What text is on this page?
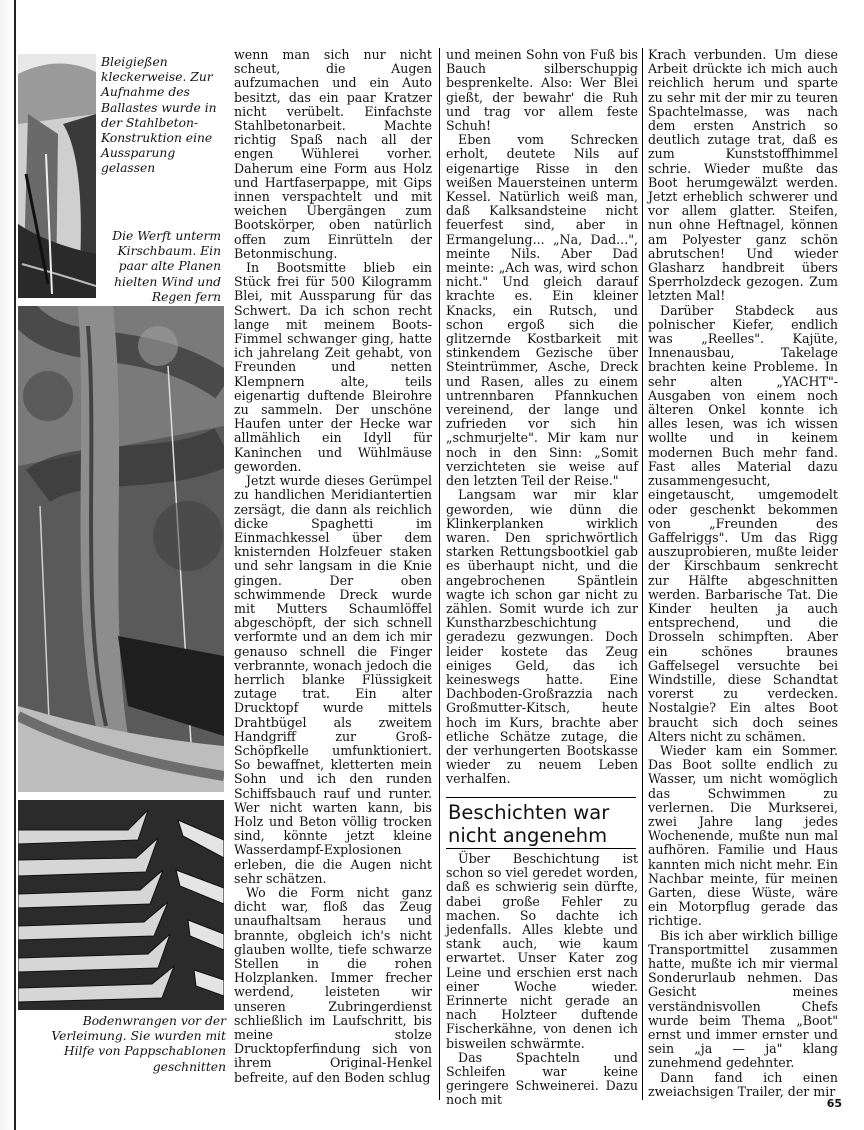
Bleigießen kleckerweise. Zur Aufnahme des Ballastes wurde in der Stahlbeton-Konstruktion eine Aussparung gelassen
Die Werft unterm Kirschbaum. Ein paar alte Planen hielten Wind und Regen fern
Bodenwrangen vor der Verleimung. Sie wurden mit Hilfe von Pappschablonen geschnitten

wenn man sich nur nicht scheut, die Augen aufzumachen und ein Auto besitzt, das ein paar Kratzer nicht verübelt. Einfachste Stahlbetonarbeit. Machte richtig Spaß nach all der engen Wühlerei vorher. Daherum eine Form aus Holz und Hartfaserpappe, mit Gips innen verspachtelt und mit weichen Übergängen zum Bootskörper, oben natürlich offen zum Einrütteln der Betonmischung.

In Bootsmitte blieb ein Stück frei für 500 Kilogramm Blei, mit Aussparung für das Schwert. Da ich schon recht lange mit meinem Boots-Fimmel schwanger ging, hatte ich jahrelang Zeit gehabt, von Freunden und netten Klempnern alte, teils eigenartig duftende Bleirohre zu sammeln. Der unschöne Haufen unter der Hecke war allmählich ein Idyll für Kaninchen und Wühlmäuse geworden.

Jetzt wurde dieses Gerümpel zu handlichen Meridiantertien zersägt, die dann als reichlich dicke Spaghetti im Einmachkessel über dem knisternden Holzfeuer staken und sehr langsam in die Knie gingen. Der oben schwimmende Dreck wurde mit Mutters Schaumlöffel abgeschöpft, der sich schnell verformte und an dem ich mir genauso schnell die Finger verbrannte, wonach jedoch die herrlich blanke Flüssigkeit zutage trat. Ein alter Drucktopf wurde mittels Drahtbügel als zweitem Handgriff zur Groß-Schöpfkelle umfunktioniert. So bewaffnet, kletterten mein Sohn und ich den runden Schiffsbauch rauf und runter. Wer nicht warten kann, bis Holz und Beton völlig trocken sind, könnte jetzt kleine Wasserdampf-Explosionen erleben, die die Augen nicht sehr schätzen.

Wo die Form nicht ganz dicht war, floß das Zeug unaufhaltsam heraus und brannte, obgleich ich's nicht glauben wollte, tiefe schwarze Stellen in die rohen Holzplanken. Immer frecher werdend, leisteten wir unseren Zubringerdienst schließlich im Laufschritt, bis meine stolze Drucktopferfindung sich von ihrem Original-Henkel befreite, auf den Boden schlug

und meinen Sohn von Fuß bis Bauch silberschuppig besprenkelte. Also: Wer Blei gießt, der bewahr' die Ruh und trag vor allem feste Schuh!

Eben vom Schrecken erholt, deutete Nils auf eigenartige Risse in den weißen Mauersteinen unterm Kessel. Natürlich weiß man, daß Kalksandsteine nicht feuerfest sind, aber in Ermangelung... „Na, Dad...", meinte Nils. Aber Dad meinte: „Ach was, wird schon nicht." Und gleich darauf krachte es. Ein kleiner Knacks, ein Rutsch, und schon ergoß sich die glitzernde Kostbarkeit mit stinkendem Gezische über Steintrümmer, Asche, Dreck und Rasen, alles zu einem untrennbaren Pfannkuchen vereinend, der lange und zufrieden vor sich hin „schmurjelte". Mir kam nur noch in den Sinn: „Somit verzichteten sie weise auf den letzten Teil der Reise."

Langsam war mir klar geworden, wie dünn die Klinkerplanken wirklich waren. Den sprichwörtlich starken Rettungsbootkiel gab es überhaupt nicht, und die angebrochenen Späntlein wagte ich schon gar nicht zu zählen. Somit wurde ich zur Kunstharzbeschichtung geradezu gezwungen. Doch leider kostete das Zeug einiges Geld, das ich keineswegs hatte. Eine Dachboden-Großrazzia nach Großmutter-Kitsch, heute hoch im Kurs, brachte aber etliche Schätze zutage, die der verhungerten Bootskasse wieder zu neuem Leben verhalfen.

Beschichten war nicht angenehm

Über Beschichtung ist schon so viel geredet worden, daß es schwierig sein dürfte, dabei große Fehler zu machen. So dachte ich jedenfalls. Alles klebte und stank auch, wie kaum erwartet. Unser Kater zog Leine und erschien erst nach einer Woche wieder. Erinnerte nicht gerade an nach Holzteer duftende Fischerkähne, von denen ich bisweilen schwärmte.

Das Spachteln und Schleifen war keine geringere Schweinerei. Dazu noch mit

Krach verbunden. Um diese Arbeit drückte ich mich auch reichlich herum und sparte zu sehr mit der mir zu teuren Spachtelmasse, was nach dem ersten Anstrich so deutlich zutage trat, daß es zum Kunststoffhimmel schrie. Wieder mußte das Boot herumgewälzt werden. Jetzt erheblich schwerer und vor allem glatter. Steifen, nun ohne Heftnagel, können am Polyester ganz schön abrutschen! Und wieder Glasharz handbreit übers Sperrholzdeck gezogen. Zum letzten Mal!

Darüber Stabdeck aus polnischer Kiefer, endlich was „Reelles". Kajüte, Innenausbau, Takelage brachten keine Probleme. In sehr alten „YACHT"-Ausgaben von einem noch älteren Onkel konnte ich alles lesen, was ich wissen wollte und in keinem modernen Buch mehr fand. Fast alles Material dazu zusammengesucht, eingetauscht, umgemodelt oder geschenkt bekommen von „Freunden des Gaffelriggs". Um das Rigg auszuprobieren, mußte leider der Kirschbaum senkrecht zur Hälfte abgeschnitten werden. Barbarische Tat. Die Kinder heulten ja auch entsprechend, und die Drosseln schimpften. Aber ein schönes braunes Gaffelsegel versuchte bei Windstille, diese Schandtat vorerst zu verdecken. Nostalgie? Ein altes Boot braucht sich doch seines Alters nicht zu schämen.

Wieder kam ein Sommer. Das Boot sollte endlich zu Wasser, um nicht womöglich das Schwimmen zu verlernen. Die Murkserei, zwei Jahre lang jedes Wochenende, mußte nun mal aufhören. Familie und Haus kannten mich nicht mehr. Ein Nachbar meinte, für meinen Garten, diese Wüste, wäre ein Motorpflug gerade das richtige.

Bis ich aber wirklich billige Transportmittel zusammen hatte, mußte ich mir viermal Sonderurlaub nehmen. Das Gesicht meines verständnisvollen Chefs wurde beim Thema „Boot" ernst und immer ernster und sein „ja — ja" klang zunehmend gedehnter.

Dann fand ich einen zweiachsigen Trailer, der mir

65
